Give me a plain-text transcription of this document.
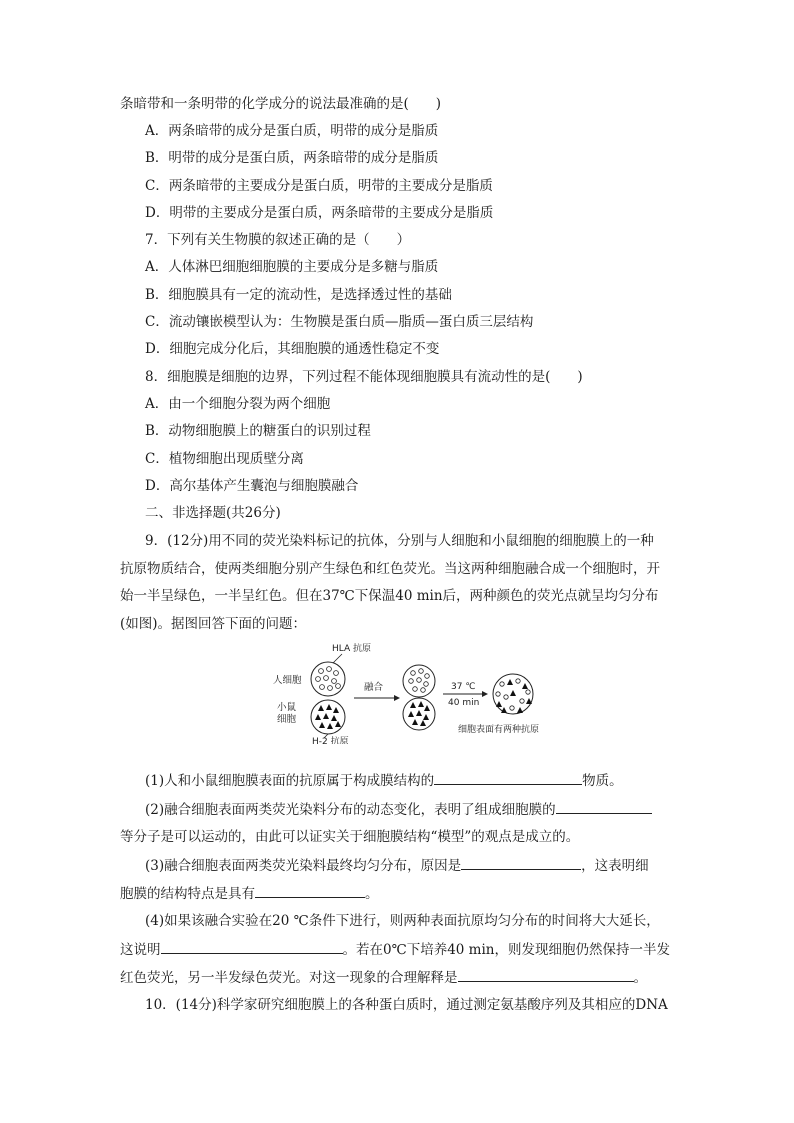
条暗带和一条明带的化学成分的说法最准确的是(　　)
A．两条暗带的成分是蛋白质，明带的成分是脂质
B．明带的成分是蛋白质，两条暗带的成分是脂质
C．两条暗带的主要成分是蛋白质，明带的主要成分是脂质
D．明带的主要成分是蛋白质，两条暗带的主要成分是脂质
7．下列有关生物膜的叙述正确的是（　　）
A．人体淋巴细胞细胞膜的主要成分是多糖与脂质
B．细胞膜具有一定的流动性，是选择透过性的基础
C．流动镶嵌模型认为：生物膜是蛋白质—脂质—蛋白质三层结构
D．细胞完成分化后，其细胞膜的通透性稳定不变
8．细胞膜是细胞的边界，下列过程不能体现细胞膜具有流动性的是(　　)
A．由一个细胞分裂为两个细胞
B．动物细胞膜上的糖蛋白的识别过程
C．植物细胞出现质壁分离
D．高尔基体产生囊泡与细胞膜融合
二、非选择题(共26分)
9．(12分)用不同的荧光染料标记的抗体，分别与人细胞和小鼠细胞的细胞膜上的一种
抗原物质结合，使两类细胞分别产生绿色和红色荧光。当这两种细胞融合成一个细胞时，开
始一半呈绿色，一半呈红色。但在37℃下保温40 min后，两种颜色的荧光点就呈均匀分布
(如图)。据图回答下面的问题：
HLA 抗原
人细胞
小鼠
细胞
H-2 抗原
融合	37 ℃
40 min
细胞表面有两种抗原
(1)人和小鼠细胞膜表面的抗原属于构成膜结构的	物质。
(2)融合细胞表面两类荧光染料分布的动态变化，表明了组成细胞膜的
等分子是可以运动的，由此可以证实关于细胞膜结构“模型”的观点是成立的。
(3)融合细胞表面两类荧光染料最终均匀分布，原因是	，这表明细
胞膜的结构特点是具有	。
(4)如果该融合实验在20 ℃条件下进行，则两种表面抗原均匀分布的时间将大大延长，
这说明	。若在0℃下培养40 min，则发现细胞仍然保持一半发
红色荧光，另一半发绿色荧光。对这一现象的合理解释是	。
10．(14分)科学家研究细胞膜上的各种蛋白质时，通过测定氨基酸序列及其相应的DNA
